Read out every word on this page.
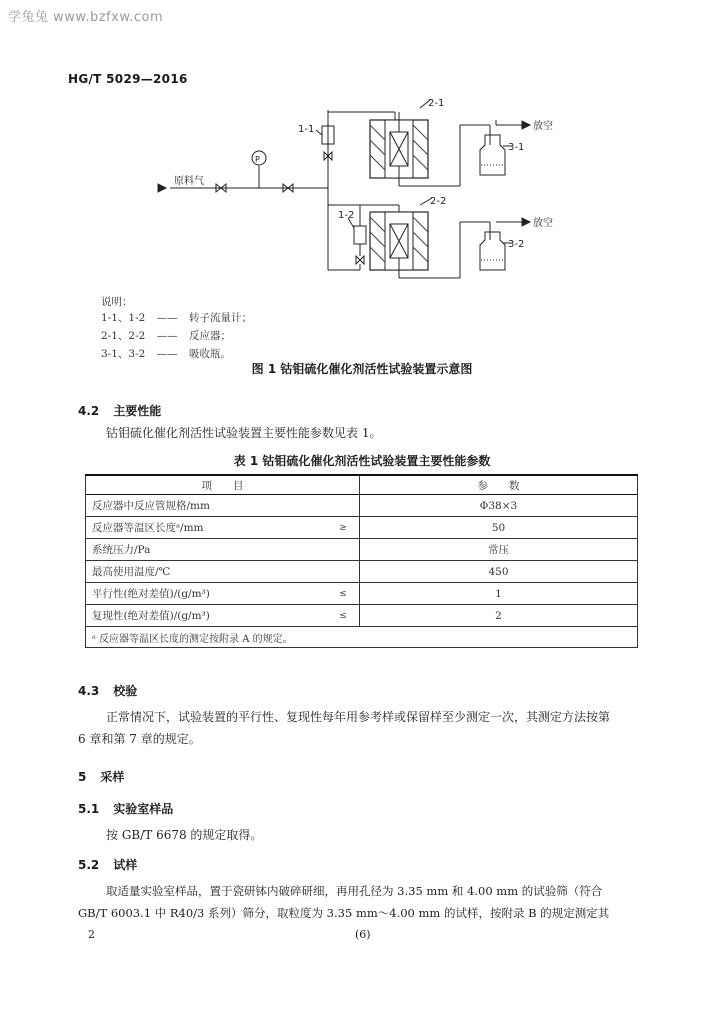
学兔兔 www.bzfxw.com
HG/T 5029—2016
原料气
P
1-1
1-2
2-1
2-2
3-1
3-2
放空
放空
说明：
1-1、1-2 —— 转子流量计；
2-1、2-2 —— 反应器；
3-1、3-2 —— 吸收瓶。
图 1 钴钼硫化催化剂活性试验装置示意图
4.2 主要性能
钴钼硫化催化剂活性试验装置主要性能参数见表 1。
表 1 钴钼硫化催化剂活性试验装置主要性能参数
项　　目		参　　数
反应器中反应管规格/mm		Φ38×3
反应器等温区长度ᵃ/mm	≥	50
系统压力/Pa		常压
最高使用温度/℃		450
平行性(绝对差值)/(g/m³)	≤	1
复现性(绝对差值)/(g/m³)	≤	2
ᵃ 反应器等温区长度的测定按附录 A 的规定。		
4.3 校验
正常情况下，试验装置的平行性、复现性每年用参考样或保留样至少测定一次，其测定方法按第
6 章和第 7 章的规定。
5 采样
5.1 实验室样品
按 GB/T 6678 的规定取得。
5.2 试样
取适量实验室样品，置于瓷研钵内破碎研细，再用孔径为 3.35 mm 和 4.00 mm 的试验筛（符合
GB/T 6003.1 中 R40/3 系列）筛分，取粒度为 3.35 mm～4.00 mm 的试样，按附录 B 的规定测定其
2	(6)
